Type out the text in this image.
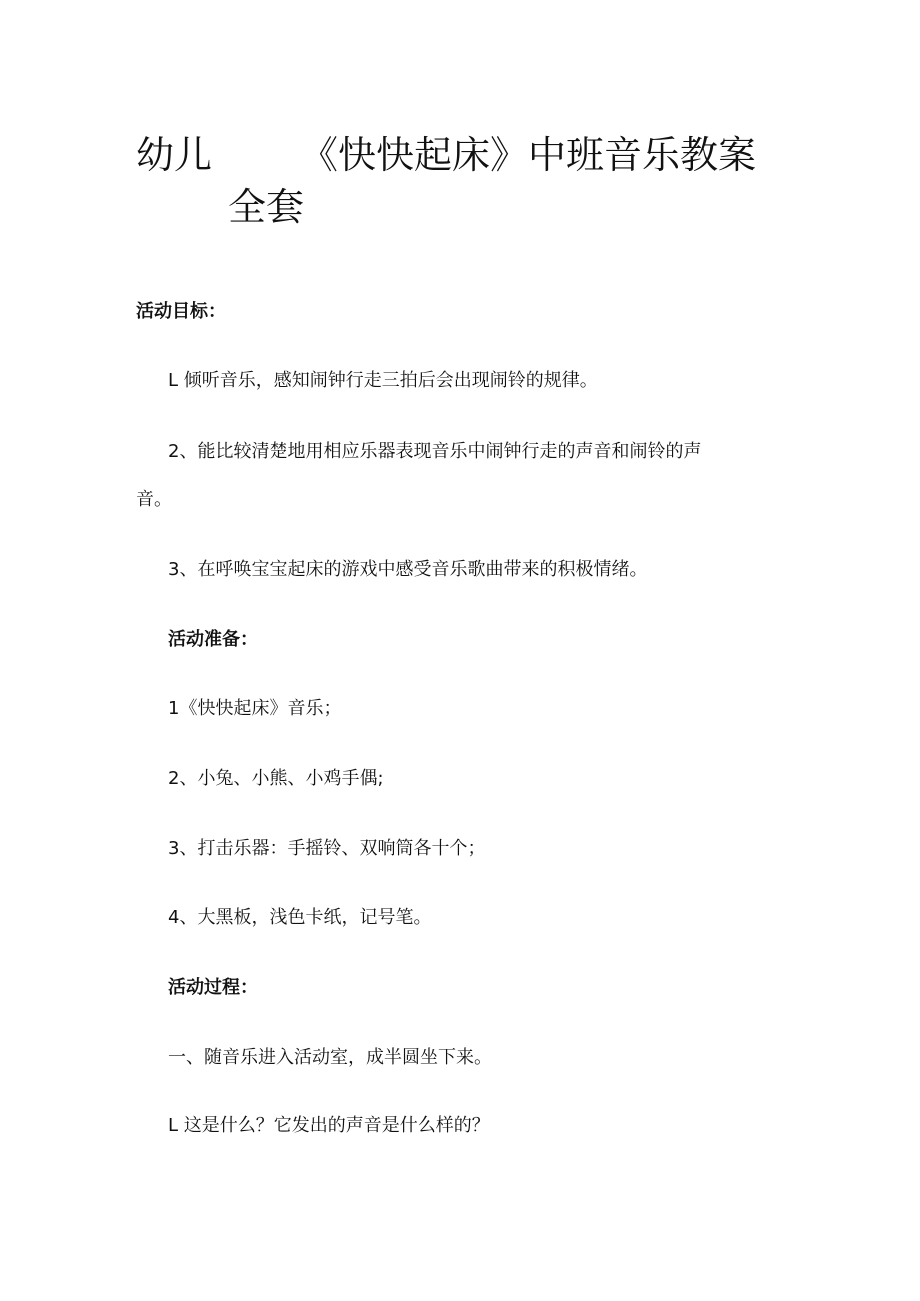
幼儿 《快快起床》中班音乐教案
全套
活动目标：
L 倾听音乐，感知闹钟行走三拍后会出现闹铃的规律。
2、能比较清楚地用相应乐器表现音乐中闹钟行走的声音和闹铃的声
音。
3、在呼唤宝宝起床的游戏中感受音乐歌曲带来的积极情绪。
活动准备：
1《快快起床》音乐；
2、小兔、小熊、小鸡手偶;
3、打击乐器：手摇铃、双响筒各十个；
4、大黑板，浅色卡纸，记号笔。
活动过程：
一、随音乐进入活动室，成半圆坐下来。
L 这是什么？它发出的声音是什么样的？
